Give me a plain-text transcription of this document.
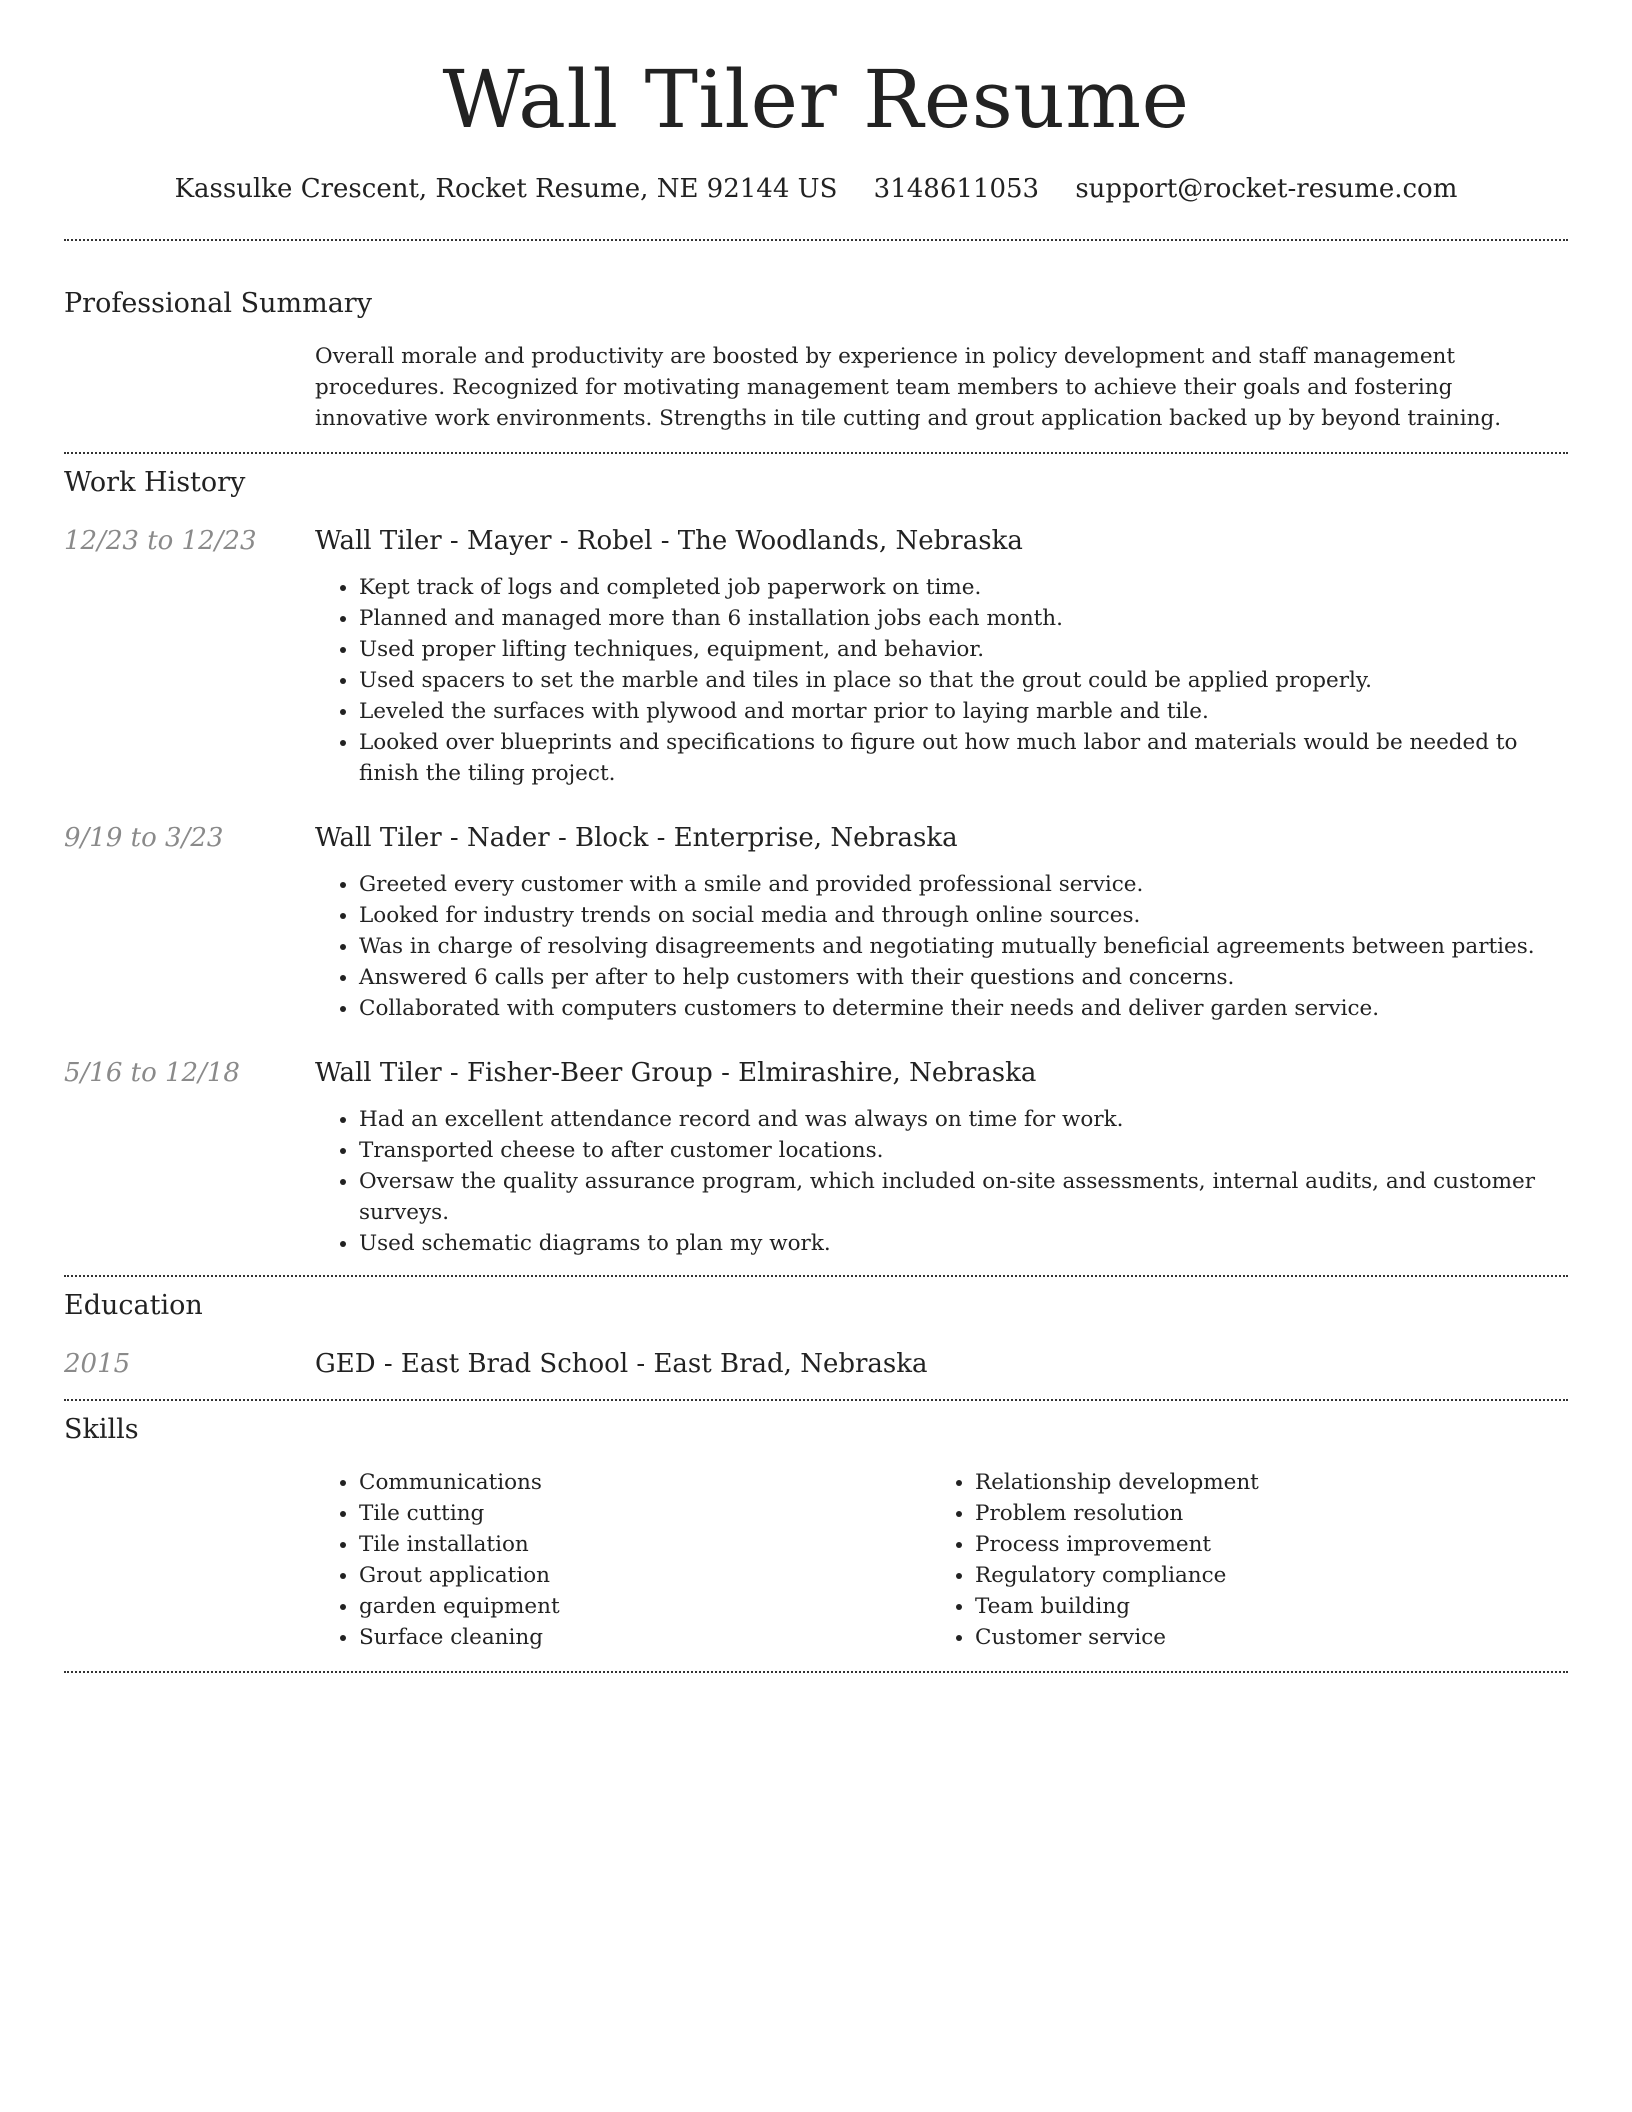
Wall Tiler Resume
Kassulke Crescent, Rocket Resume, NE 92144 US 3148611053 support@rocket-resume.com
Professional Summary
Overall morale and productivity are boosted by experience in policy development and staff management procedures. Recognized for motivating management team members to achieve their goals and fostering innovative work environments. Strengths in tile cutting and grout application backed up by beyond training.
Work History
12/23 to 12/23	Wall Tiler - Mayer - Robel - The Woodlands, Nebraska
• Kept track of logs and completed job paperwork on time.
• Planned and managed more than 6 installation jobs each month.
• Used proper lifting techniques, equipment, and behavior.
• Used spacers to set the marble and tiles in place so that the grout could be applied properly.
• Leveled the surfaces with plywood and mortar prior to laying marble and tile.
• Looked over blueprints and specifications to figure out how much labor and materials would be needed to finish the tiling project.
9/19 to 3/23	Wall Tiler - Nader - Block - Enterprise, Nebraska
• Greeted every customer with a smile and provided professional service.
• Looked for industry trends on social media and through online sources.
• Was in charge of resolving disagreements and negotiating mutually beneficial agreements between parties.
• Answered 6 calls per after to help customers with their questions and concerns.
• Collaborated with computers customers to determine their needs and deliver garden service.
5/16 to 12/18	Wall Tiler - Fisher-Beer Group - Elmirashire, Nebraska
• Had an excellent attendance record and was always on time for work.
• Transported cheese to after customer locations.
• Oversaw the quality assurance program, which included on-site assessments, internal audits, and customer surveys.
• Used schematic diagrams to plan my work.
Education
2015	GED - East Brad School - East Brad, Nebraska
Skills
• Communications
• Tile cutting
• Tile installation
• Grout application
• garden equipment
• Surface cleaning
• Relationship development
• Problem resolution
• Process improvement
• Regulatory compliance
• Team building
• Customer service
